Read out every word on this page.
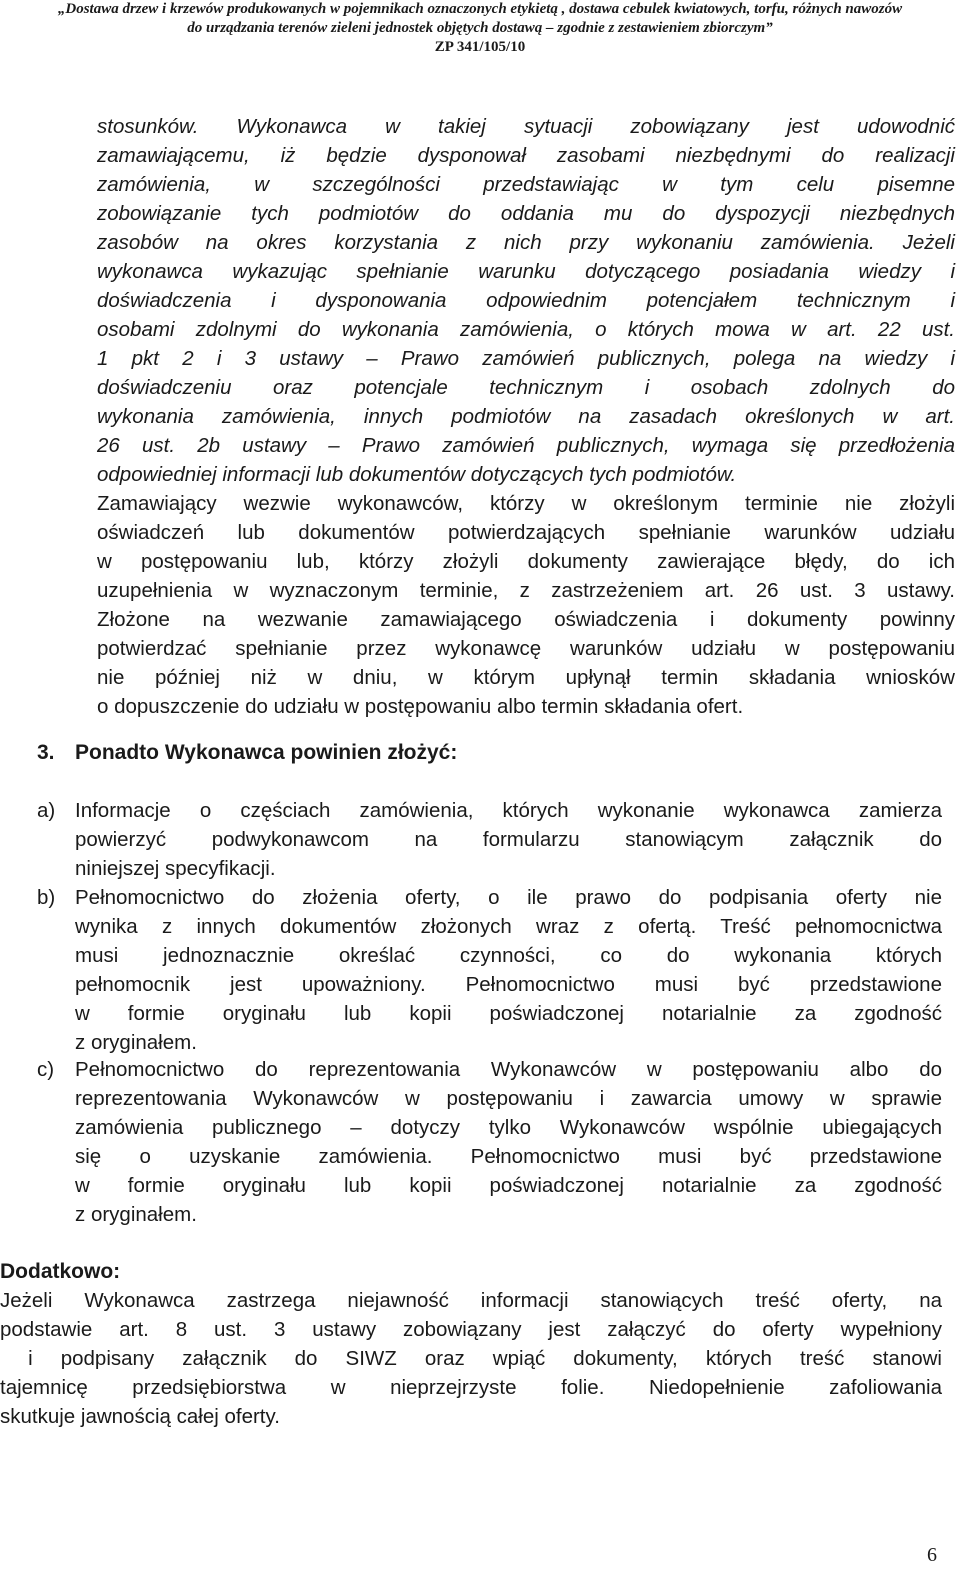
„Dostawa drzew i krzewów produkowanych w pojemnikach oznaczonych etykietą , dostawa cebulek kwiatowych, torfu, różnych nawozów
do urządzania terenów zieleni jednostek objętych dostawą – zgodnie z zestawieniem zbiorczym”
ZP 341/105/10
stosunków. Wykonawca w takiej sytuacji zobowiązany jest udowodnić
zamawiającemu, iż będzie dysponował zasobami niezbędnymi do realizacji
zamówienia, w szczególności przedstawiając w tym celu pisemne
zobowiązanie tych podmiotów do oddania mu do dyspozycji niezbędnych
zasobów na okres korzystania z nich przy wykonaniu zamówienia. Jeżeli
wykonawca wykazując spełnianie warunku dotyczącego posiadania wiedzy i
doświadczenia i dysponowania odpowiednim potencjałem technicznym i
osobami zdolnymi do wykonania zamówienia, o których mowa w art. 22 ust.
1 pkt 2 i 3 ustawy – Prawo zamówień publicznych, polega na wiedzy i
doświadczeniu oraz potencjale technicznym i osobach zdolnych do
wykonania zamówienia, innych podmiotów na zasadach określonych w art.
26 ust. 2b ustawy – Prawo zamówień publicznych, wymaga się przedłożenia
odpowiedniej informacji lub dokumentów dotyczących tych podmiotów.
Zamawiający wezwie wykonawców, którzy w określonym terminie nie złożyli
oświadczeń lub dokumentów potwierdzających spełnianie warunków udziału
w postępowaniu lub, którzy złożyli dokumenty zawierające błędy, do ich
uzupełnienia w wyznaczonym terminie, z zastrzeżeniem art. 26 ust. 3 ustawy.
Złożone na wezwanie zamawiającego oświadczenia i dokumenty powinny
potwierdzać spełnianie przez wykonawcę warunków udziału w postępowaniu
nie później niż w dniu, w którym upłynął termin składania wniosków
o dopuszczenie do udziału w postępowaniu albo termin składania ofert.
3. Ponadto Wykonawca powinien złożyć:
a) Informacje o częściach zamówienia, których wykonanie wykonawca zamierza
powierzyć podwykonawcom na formularzu stanowiącym załącznik do
niniejszej specyfikacji.
b) Pełnomocnictwo do złożenia oferty, o ile prawo do podpisania oferty nie
wynika z innych dokumentów złożonych wraz z ofertą. Treść pełnomocnictwa
musi jednoznacznie określać czynności, co do wykonania których
pełnomocnik jest upoważniony. Pełnomocnictwo musi być przedstawione
w formie oryginału lub kopii poświadczonej notarialnie za zgodność
z oryginałem.
c) Pełnomocnictwo do reprezentowania Wykonawców w postępowaniu albo do
reprezentowania Wykonawców w postępowaniu i zawarcia umowy w sprawie
zamówienia publicznego – dotyczy tylko Wykonawców wspólnie ubiegających
się o uzyskanie zamówienia. Pełnomocnictwo musi być przedstawione
w formie oryginału lub kopii poświadczonej notarialnie za zgodność
z oryginałem.
Dodatkowo:
Jeżeli Wykonawca zastrzega niejawność informacji stanowiących treść oferty, na
podstawie art. 8 ust. 3 ustawy zobowiązany jest załączyć do oferty wypełniony
i podpisany załącznik do SIWZ oraz wpiąć dokumenty, których treść stanowi
tajemnicę przedsiębiorstwa w nieprzejrzyste folie. Niedopełnienie zafoliowania
skutkuje jawnością całej oferty.
6
